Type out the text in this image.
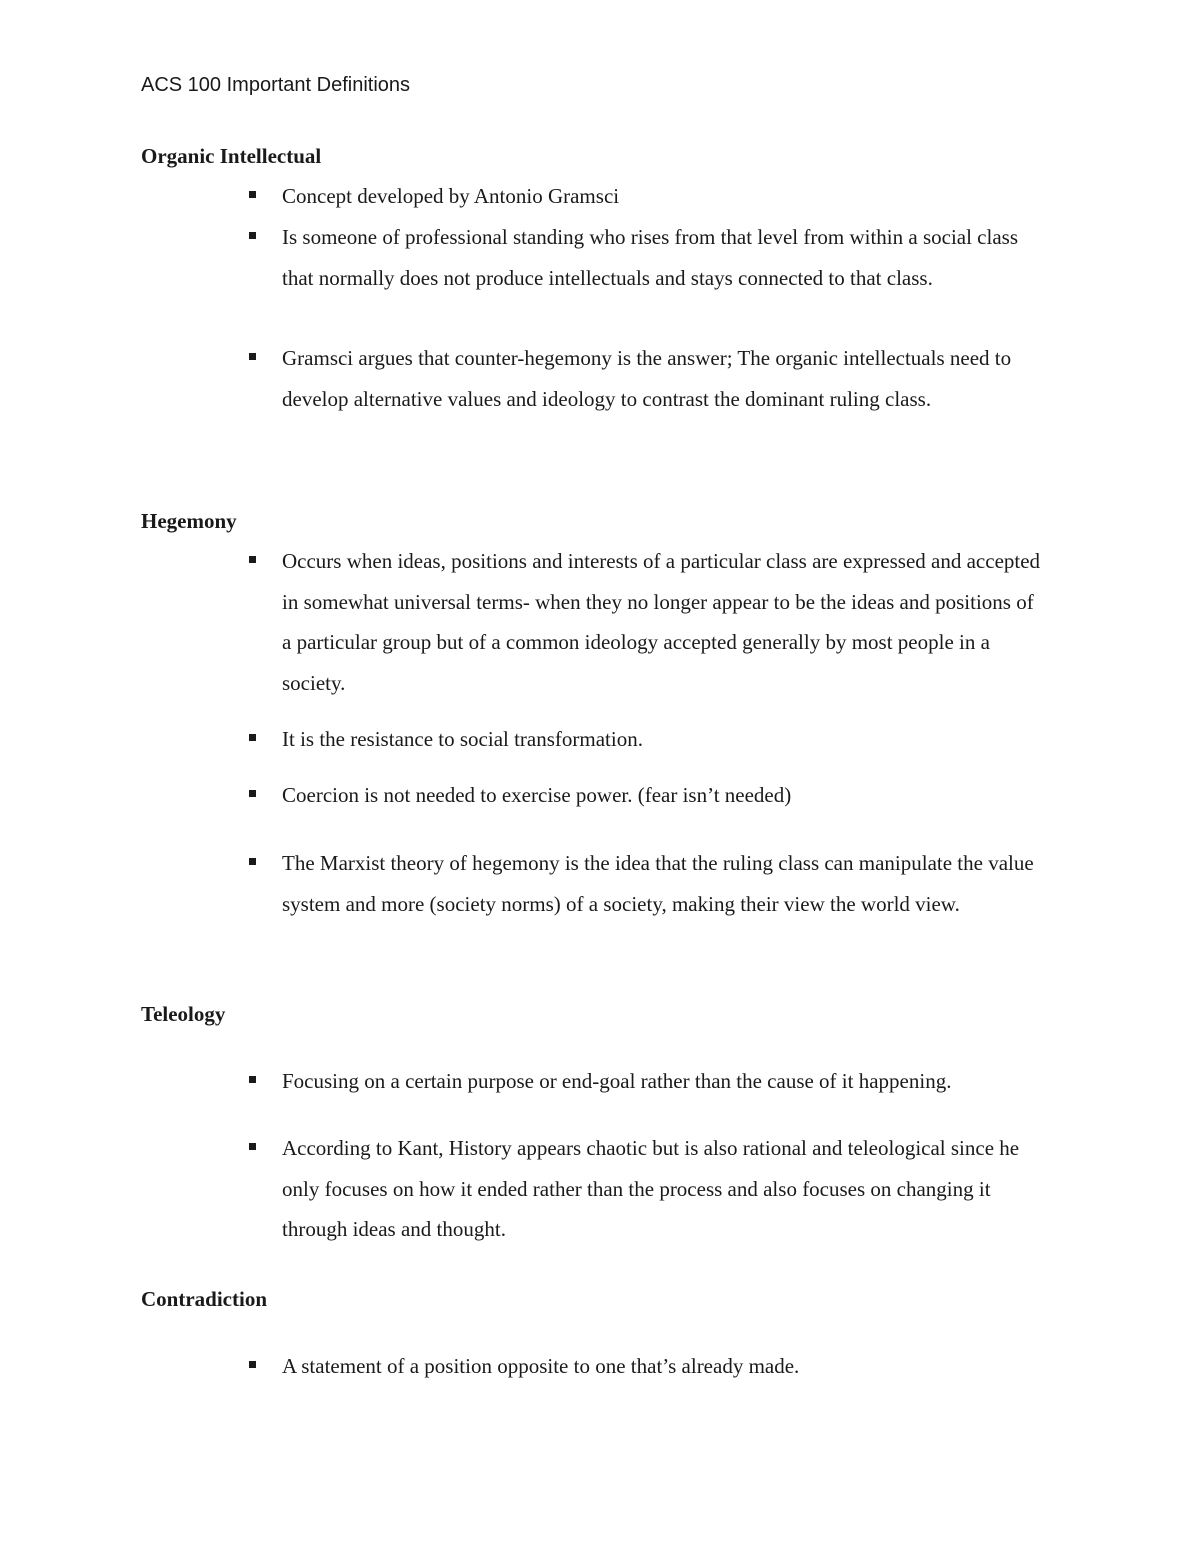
ACS 100 Important Definitions
Organic Intellectual
Concept developed by Antonio Gramsci
Is someone of professional standing who rises from that level from within a social class that normally does not produce intellectuals and stays connected to that class.
Gramsci argues that counter-hegemony is the answer; The organic intellectuals need to develop alternative values and ideology to contrast the dominant ruling class.
Hegemony
Occurs when ideas, positions and interests of a particular class are expressed and accepted in somewhat universal terms- when they no longer appear to be the ideas and positions of a particular group but of a common ideology accepted generally by most people in a society.
It is the resistance to social transformation.
Coercion is not needed to exercise power. (fear isn’t needed)
The Marxist theory of hegemony is the idea that the ruling class can manipulate the value system and more (society norms) of a society, making their view the world view.
Teleology
Focusing on a certain purpose or end-goal rather than the cause of it happening.
According to Kant, History appears chaotic but is also rational and teleological since he only focuses on how it ended rather than the process and also focuses on changing it through ideas and thought.
Contradiction
A statement of a position opposite to one that’s already made.
